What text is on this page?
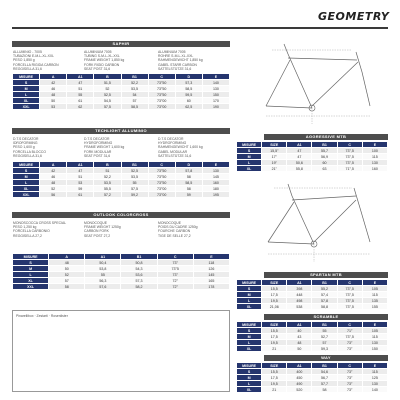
GEOMETRY
SAPHIR
ALLUMINIO - 7005
TUBAZIONI E-M-L-XL-XXL
PESO 1,850 g
FORCELLA RIGIDA CARBON
REGGISELLA 31,6
ALUMINIUM 7005
TUBING S-M-L-XL-XXL
FRAME WEIGHT 1,850 kg
FORK RIGID CARBON
SEAT POST 31,6
ALUMINIUM 7005
ROHRE S-M-L-XL-XXL
RAHMENGEWICHT 1,850 kg
GABEL STARR CARBON
SATTELSTÜTZE 31,6
MISURE	A	A1	B	B1	C	D	E
S	42	47	51,5	52,2	73°50	57,3	140
M	46	51	52	53,5	73°50	58,5	130
L	48	55	52,5	54	73°50	59,5	150
XL	50	61	54,5	57	73°00	60	170
XXL	53	62	57,5	58,5	73°00	62,5	190
TECHLIGHT ALLUMINIO
D.T.S DECATOR
IDROFORMING
PESO 1,600 g
FORCELLA BLOCCO
REGGISELLA 31,6
D.T.S DECATOR
HYDROFORMING
FRAME WEIGHT 1,600 kg
FORK MODULAR
SEAT POST 31,6
D.T.S DECATOR
HYDROFORMING
RAHMENGEWICHT 1,600 kg
GABEL MODULAR
SATTELSTÜTZE 31,6
MISURE	A	A1	B	B1	C	D	E
S	42	47	51	52,5	73°50	57,8	130
M	46	51	52,2	53,5	73°50	58	145
L	48	53	53,5	55	73°50	58,5	160
XL	52	59	55,5	57,5	73°00	58	180
XXL	56	61	57,2	59,2	73°00	59	195
OUTLOOK COLORCROSS
MONOSCOCCA CROSS SPECIAL
PESO 1,250 kg
FORCELLA CARBONIO
REGGISELLA 27,2
MONOCOQUE
FRAME WEIGHT 1250g
CARBON FORK
SEAT POST 27,2
MONOCOQUE
POIDS DU CADRE 1250g
FOURCHE CARBON
TIGE DE SELLE 27,2
MISURE	A	A1	B1	C	E
S	48	50,4	50,8	73°	118
M	50	53,8	54,3	73°5	126
L	52	55	53,6	73°	145
XL	57	56,3	57,3	72°	165
XXL	58	57,6	58,2	72°	178
Pinarellibox · Zestarti · Rosenlister
AGGRESSIVE MTB
MISURE	SIZE	A1	B1	C	E
S	15,5"	47	55,7	73°,5	100
M	17"	47	56,9	73°,5	115
L	19"	50,6	60	73°,5	130
XL	21"	55,8	63	71°,5	160
SPARTAN MTB
MISURE	SIZE	A1	B1	C	E
S	15,5	398	55,2	73°,5	105
M	17,5	448	57,4	73°,5	115
L	19,5	498	57,8	73°,5	135
XL	21,06	538	58,8	73°,5	155
SCRAMBLE
MISURE	SIZE	A1	B1	C	E
S	15,5	40	55	71°	105
M	17,5	43	52,7	73°,5	115
L	19,5	48	57	73°	130
XL	21	50	59,3	73°	150
WAY
MISURE	SIZE	A1	B1	C	E
S	15,5	400	54,6	73°	115
M	17,5	450	56,7	73°	125
L	19,5	490	57,7	73°	130
XL	21	520	58	73°	140
